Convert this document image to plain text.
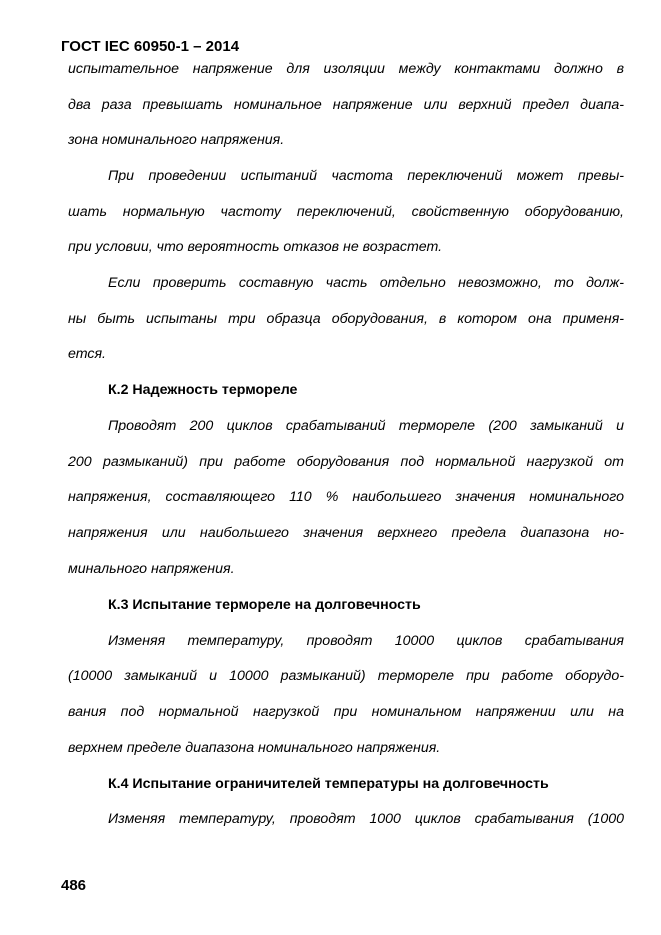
ГОСТ IEC 60950-1 – 2014
испытательное напряжение для изоляции между контактами должно в
два раза превышать номинальное напряжение или верхний предел диапа-
зона номинального напряжения.
При проведении испытаний частота переключений может превы-
шать нормальную частоту переключений, свойственную оборудованию,
при условии, что вероятность отказов не возрастет.
Если проверить составную часть отдельно невозможно, то долж-
ны быть испытаны три образца оборудования, в котором она применя-
ется.
К.2 Надежность термореле
Проводят 200 циклов срабатываний термореле (200 замыканий и
200 размыканий) при работе оборудования под нормальной нагрузкой от
напряжения, составляющего 110 % наибольшего значения номинального
напряжения или наибольшего значения верхнего предела диапазона но-
минального напряжения.
К.3 Испытание термореле на долговечность
Изменяя температуру, проводят 10000 циклов срабатывания
(10000 замыканий и 10000 размыканий) термореле при работе оборудо-
вания под нормальной нагрузкой при номинальном напряжении или на
верхнем пределе диапазона номинального напряжения.
К.4 Испытание ограничителей температуры на долговечность
Изменяя температуру, проводят 1000 циклов срабатывания (1000
486
